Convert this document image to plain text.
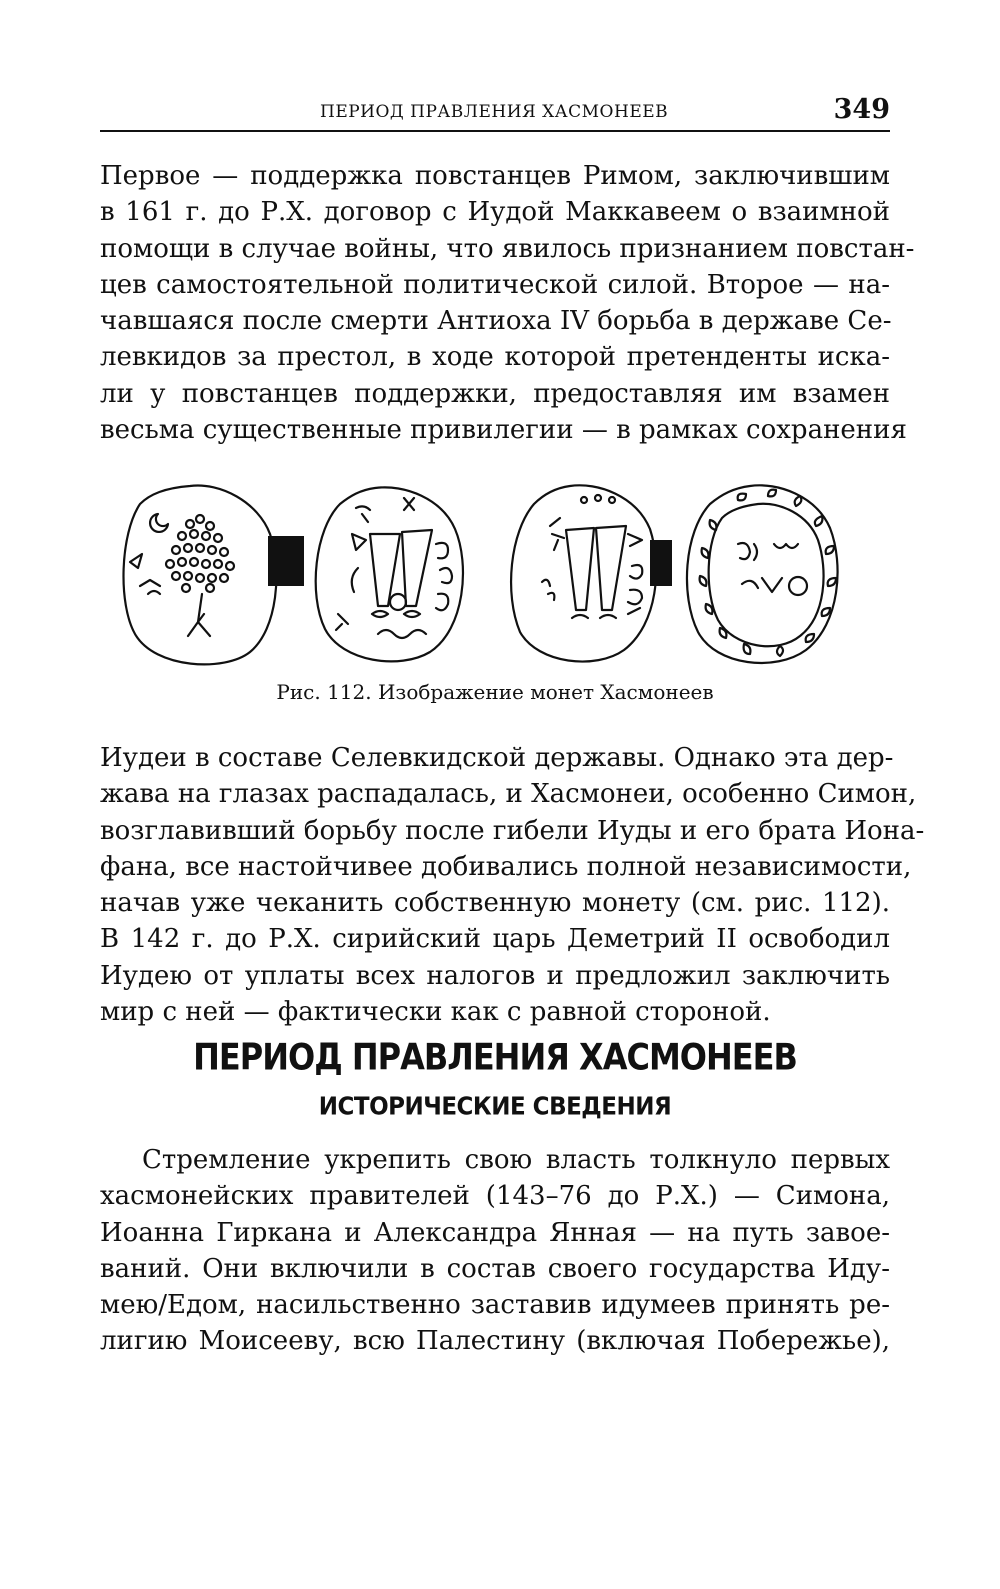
ПЕРИОД ПРАВЛЕНИЯ ХАСМОНЕЕВ	349
Первое — поддержка повстанцев Римом, заключившим
в 161 г. до Р.Х. договор с Иудой Маккавеем о взаимной
помощи в случае войны, что явилось признанием повстан-
цев самостоятельной политической силой. Второе — на-
чавшаяся после смерти Антиоха IV борьба в державе Се-
левкидов за престол, в ходе которой претенденты иска-
ли у повстанцев поддержки, предоставляя им взамен
весьма существенные привилегии — в рамках сохранения
Рис. 112. Изображение монет Хасмонеев
Иудеи в составе Селевкидской державы. Однако эта дер-
жава на глазах распадалась, и Хасмонеи, особенно Симон,
возглавивший борьбу после гибели Иуды и его брата Иона-
фана, все настойчивее добивались полной независимости,
начав уже чеканить собственную монету (см. рис. 112).
В 142 г. до Р.Х. сирийский царь Деметрий II освободил
Иудею от уплаты всех налогов и предложил заключить
мир с ней — фактически как с равной стороной.
ПЕРИОД ПРАВЛЕНИЯ ХАСМОНЕЕВ
ИСТОРИЧЕСКИЕ СВЕДЕНИЯ
Стремление укрепить свою власть толкнуло первых
хасмонейских правителей (143–76 до Р.Х.) — Симона,
Иоанна Гиркана и Александра Янная — на путь завое-
ваний. Они включили в состав своего государства Иду-
мею/Едом, насильственно заставив идумеев принять ре-
лигию Моисееву, всю Палестину (включая Побережье),
